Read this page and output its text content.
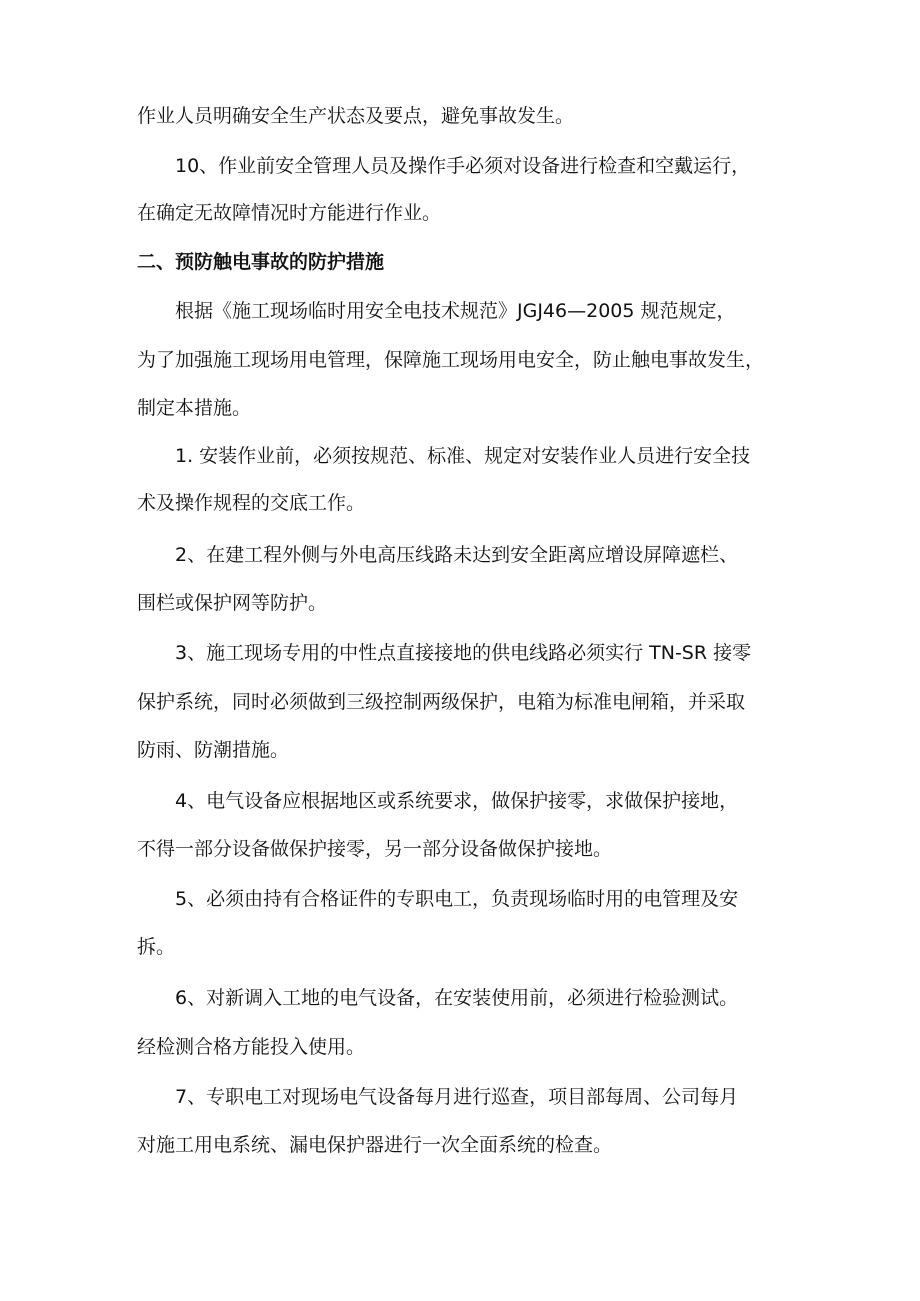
作业人员明确安全生产状态及要点，避免事故发生。
10、作业前安全管理人员及操作手必须对设备进行检查和空戴运行，
在确定无故障情况时方能进行作业。
二、预防触电事故的防护措施
根据《施工现场临时用安全电技术规范》JGJ46—2005 规范规定，
为了加强施工现场用电管理，保障施工现场用电安全，防止触电事故发生，
制定本措施。
1. 安装作业前，必须按规范、标准、规定对安装作业人员进行安全技
术及操作规程的交底工作。
2、在建工程外侧与外电高压线路未达到安全距离应增设屏障遮栏、
围栏或保护网等防护。
3、施工现场专用的中性点直接接地的供电线路必须实行 TN-SR 接零
保护系统，同时必须做到三级控制两级保护，电箱为标准电闸箱，并采取
防雨、防潮措施。
4、电气设备应根据地区或系统要求，做保护接零，求做保护接地，
不得一部分设备做保护接零，另一部分设备做保护接地。
5、必须由持有合格证件的专职电工，负责现场临时用的电管理及安
拆。
6、对新调入工地的电气设备，在安装使用前，必须进行检验测试。
经检测合格方能投入使用。
7、专职电工对现场电气设备每月进行巡查，项目部每周、公司每月
对施工用电系统、漏电保护器进行一次全面系统的检查。
